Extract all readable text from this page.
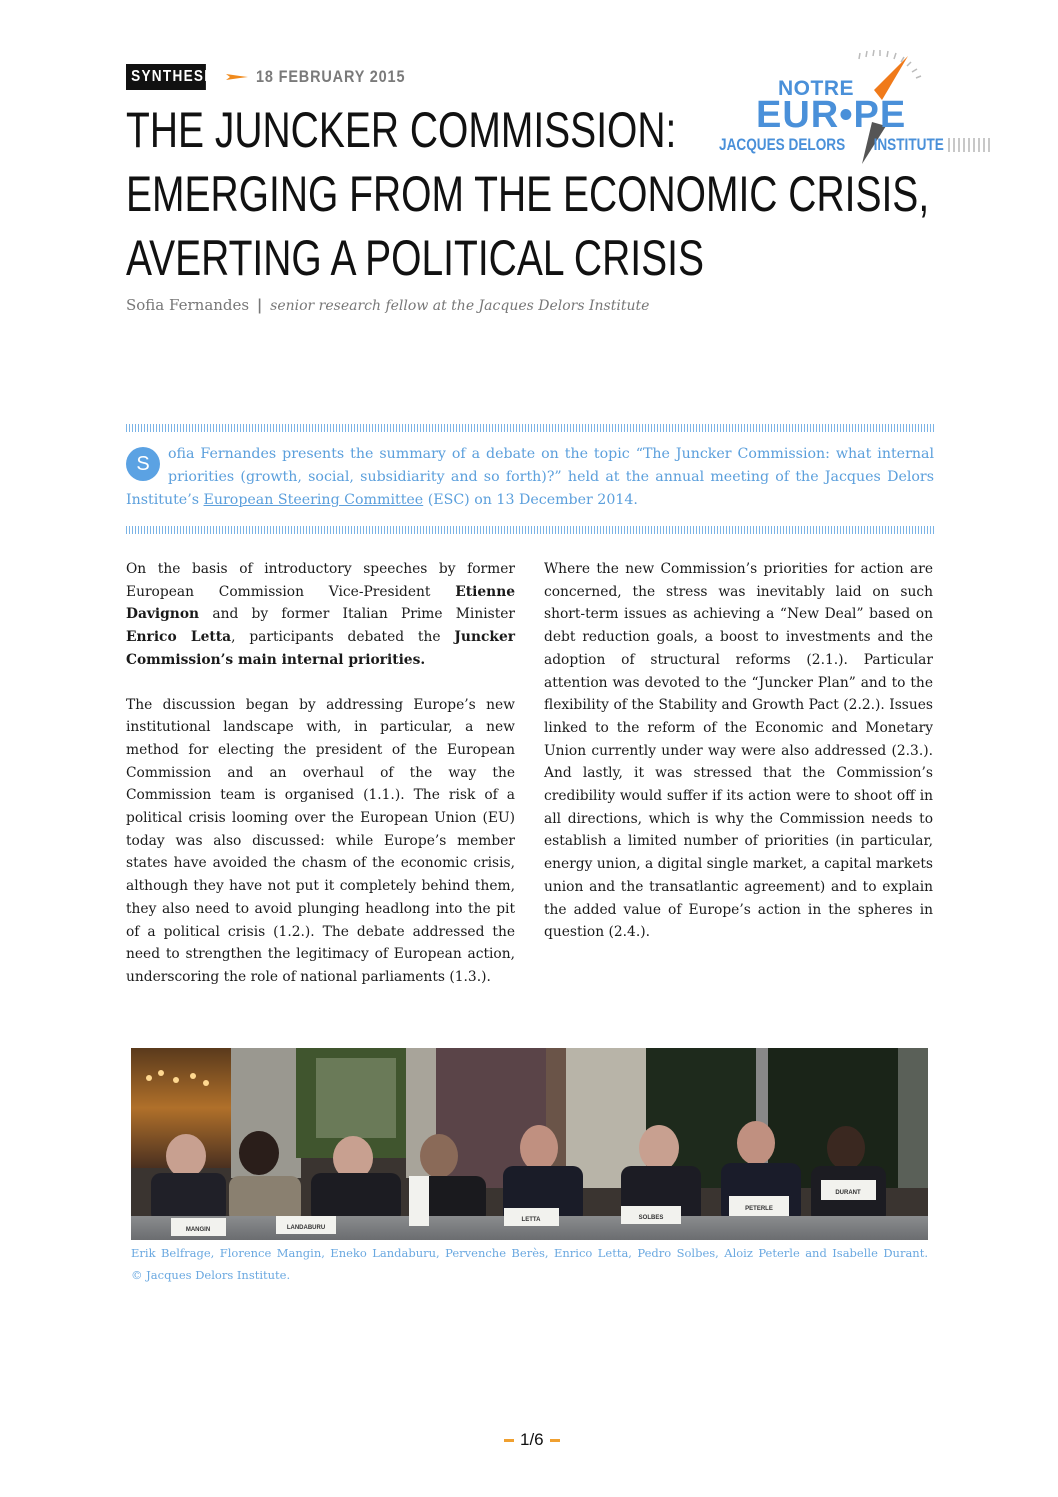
SYNTHESIS 18 FEBRUARY 2015
NOTRE
EUR•PE
JACQUES DELORS INSTITUTE
THE JUNCKER COMMISSION:
EMERGING FROM THE ECONOMIC CRISIS,
AVERTING A POLITICAL CRISIS
Sofia Fernandes | senior research fellow at the Jacques Delors Institute
S	ofia Fernandes presents the summary of a debate on the topic “The Juncker Commission: what internal priorities (growth, social, subsidiarity and so forth)?” held at the annual meeting of the Jacques Delors Institute’s European Steering Committee (ESC) on 13 December 2014.

On the basis of introductory speeches by former European Commission Vice-President Etienne Davignon and by former Italian Prime Minister Enrico Letta, participants debated the Juncker Commission’s main internal priorities.

The discussion began by addressing Europe’s new institutional landscape with, in particular, a new method for electing the president of the European Commission and an overhaul of the way the Commission team is organised (1.1.). The risk of a political crisis looming over the European Union (EU) today was also discussed: while Europe’s member states have avoided the chasm of the economic crisis, although they have not put it completely behind them, they also need to avoid plunging headlong into the pit of a political crisis (1.2.). The debate addressed the need to strengthen the legitimacy of European action, underscoring the role of national parliaments (1.3.).

Where the new Commission’s priorities for action are concerned, the stress was inevitably laid on such short-term issues as achieving a “New Deal” based on debt reduction goals, a boost to investments and the adoption of structural reforms (2.1.). Particular attention was devoted to the “Juncker Plan” and to the flexibility of the Stability and Growth Pact (2.2.). Issues linked to the reform of the Economic and Monetary Union currently under way were also addressed (2.3.). And lastly, it was stressed that the Commission’s credibility would suffer if its action were to shoot off in all directions, which is why the Commission needs to establish a limited number of priorities (in particular, energy union, a digital single market, a capital markets union and the transatlantic agreement) and to explain the added value of Europe’s action in the spheres in question (2.4.).

MANGIN	LANDABURU
LETTA	SOLBES
PETERLE
DURANT
Erik Belfrage, Florence Mangin, Eneko Landaburu, Pervenche Berès, Enrico Letta, Pedro Solbes, Aloiz Peterle and Isabelle Durant.
© Jacques Delors Institute.
1/6
